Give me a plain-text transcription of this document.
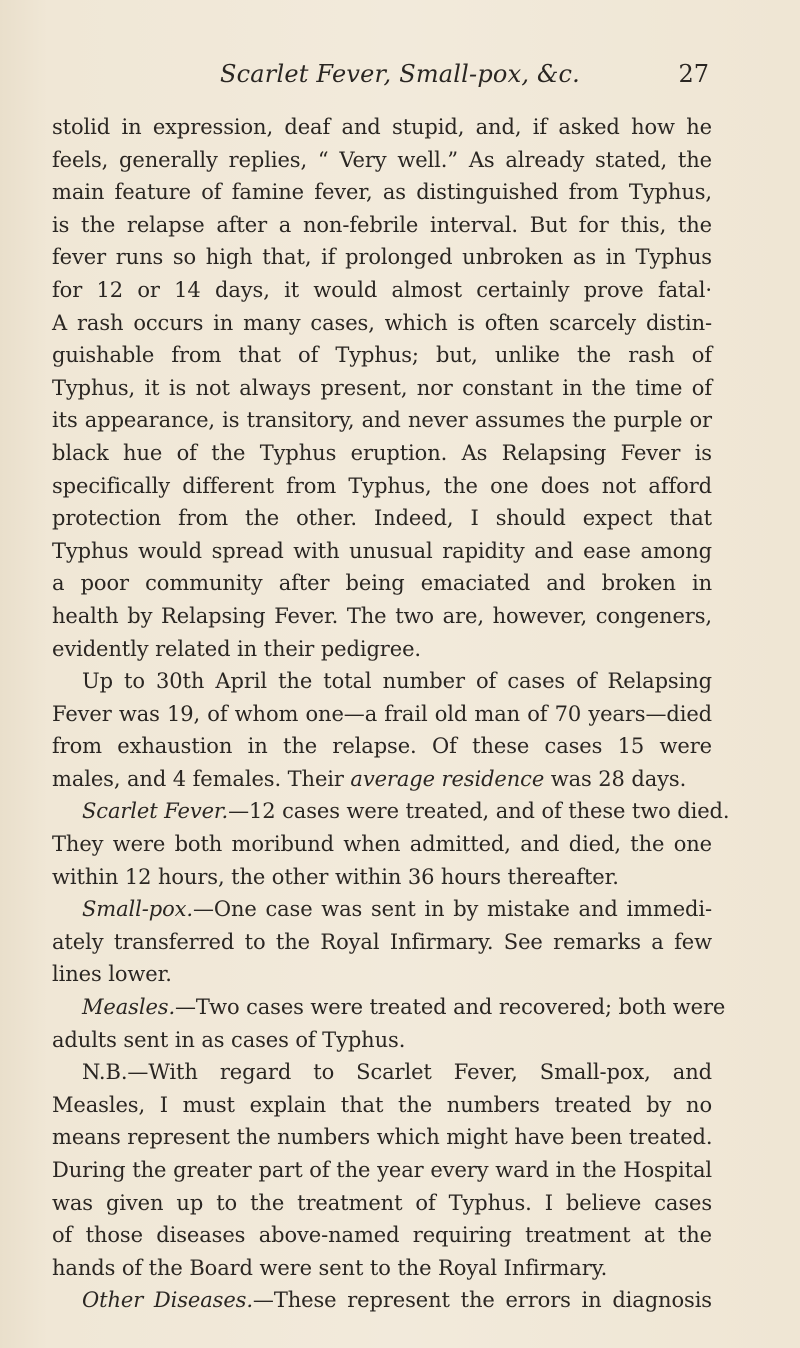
Scarlet Fever, Small-pox, &c.	27
stolid in expression, deaf and stupid, and, if asked how he
feels, generally replies, “ Very well.” As already stated, the
main feature of famine fever, as distinguished from Typhus,
is the relapse after a non-febrile interval. But for this, the
fever runs so high that, if prolonged unbroken as in Typhus
for 12 or 14 days, it would almost certainly prove fatal·
A rash occurs in many cases, which is often scarcely distin-
guishable from that of Typhus; but, unlike the rash of
Typhus, it is not always present, nor constant in the time of
its appearance, is transitory, and never assumes the purple or
black hue of the Typhus eruption. As Relapsing Fever is
specifically different from Typhus, the one does not afford
protection from the other. Indeed, I should expect that
Typhus would spread with unusual rapidity and ease among
a poor community after being emaciated and broken in
health by Relapsing Fever. The two are, however, congeners,
evidently related in their pedigree.
Up to 30th April the total number of cases of Relapsing
Fever was 19, of whom one—a frail old man of 70 years—died
from exhaustion in the relapse. Of these cases 15 were
males, and 4 females. Their average residence was 28 days.
Scarlet Fever.—12 cases were treated, and of these two died.
They were both moribund when admitted, and died, the one
within 12 hours, the other within 36 hours thereafter.
Small-pox.—One case was sent in by mistake and immedi-
ately transferred to the Royal Infirmary. See remarks a few
lines lower.
Measles.—Two cases were treated and recovered; both were
adults sent in as cases of Typhus.
N.B.—With regard to Scarlet Fever, Small-pox, and
Measles, I must explain that the numbers treated by no
means represent the numbers which might have been treated.
During the greater part of the year every ward in the Hospital
was given up to the treatment of Typhus. I believe cases
of those diseases above-named requiring treatment at the
hands of the Board were sent to the Royal Infirmary.
Other Diseases.—These represent the errors in diagnosis
